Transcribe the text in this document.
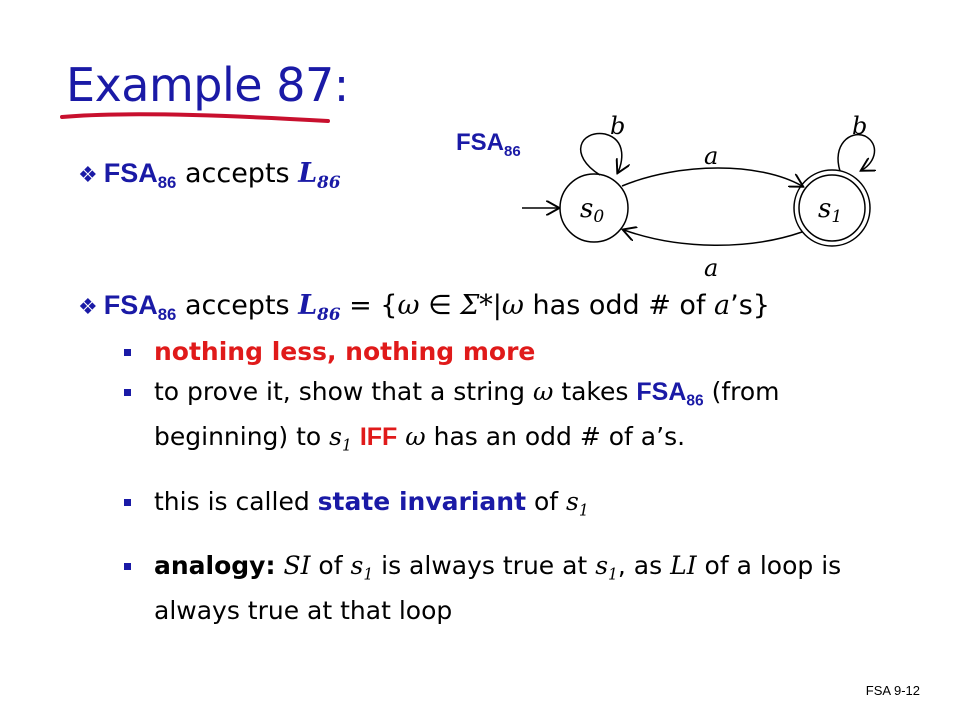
Example 87:
❖ $FSA_{86}$ accepts $L_{86}$
❖ $FSA_{86}$ accepts $L_{86} = \{\omega$ ∈ Σ*|ω has odd # of a’s}
nothing less, nothing more
to prove it, show that a string ω takes $FSA_{86}$ (from beginning) to $s_1$ IFF ω has an odd # of a’s.
this is called state invariant of $s_1$
analogy: SI of $s_1$ is always true at $s_1$, as LI of a loop is always true at that loop
$FSA_{86}$
s0	s1
b	b
a
a
FSA 9-12
